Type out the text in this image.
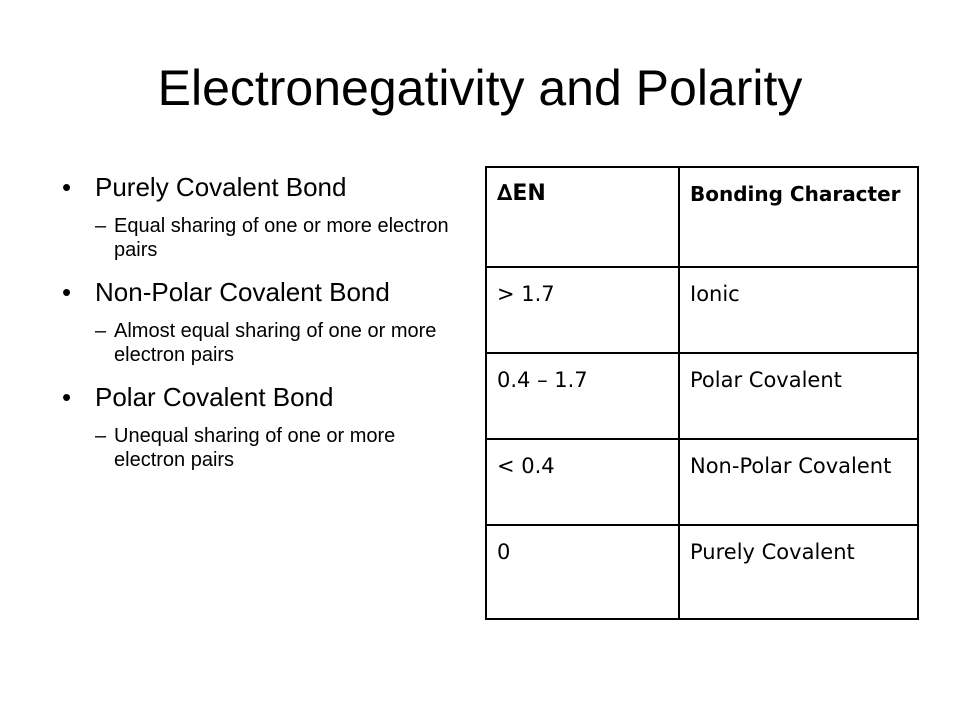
Electronegativity and Polarity
• Purely Covalent Bond
– Equal sharing of one or more electron pairs
• Non-Polar Covalent Bond
– Almost equal sharing of one or more electron pairs
• Polar Covalent Bond
– Unequal sharing of one or more electron pairs
∆EN	Bonding Character
> 1.7	Ionic
0.4 – 1.7	Polar Covalent
< 0.4	Non-Polar Covalent
0	Purely Covalent
